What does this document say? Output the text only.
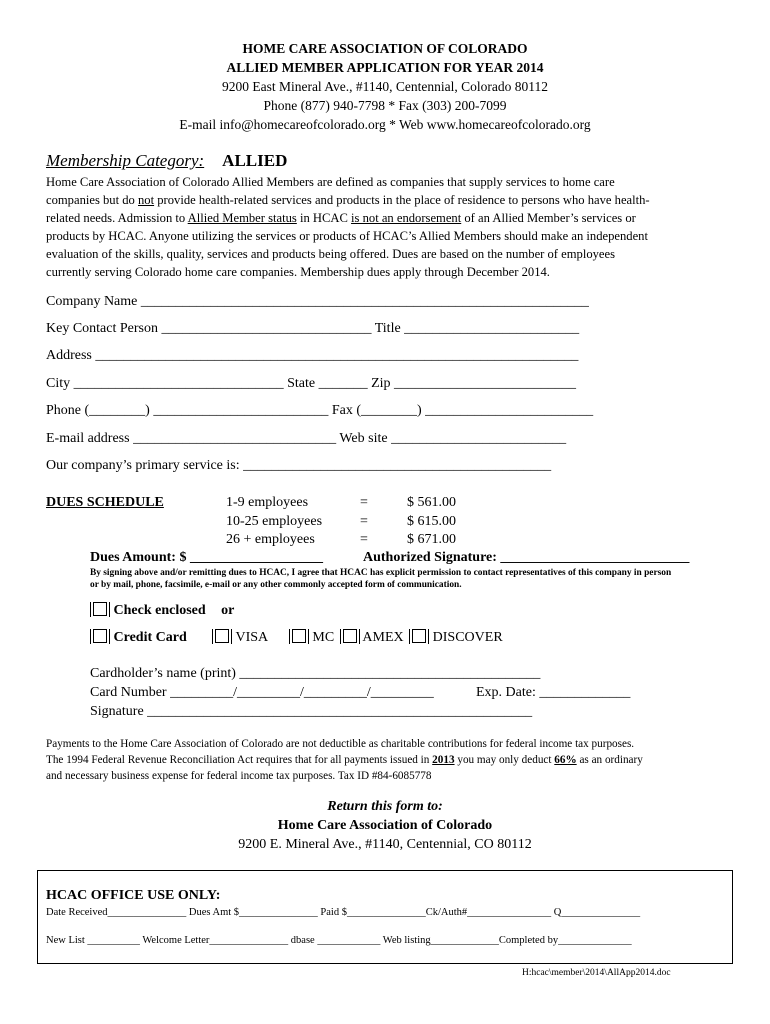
HOME CARE ASSOCIATION OF COLORADO
ALLIED MEMBER APPLICATION FOR YEAR 2014
9200 East Mineral Ave., #1140, Centennial, Colorado 80112
Phone (877) 940-7798 * Fax (303) 200-7099
E-mail info@homecareofcolorado.org * Web www.homecareofcolorado.org
Membership Category: ALLIED
Home Care Association of Colorado Allied Members are defined as companies that supply services to home care
companies but do not provide health-related services and products in the place of residence to persons who have health-
related needs. Admission to Allied Member status in HCAC is not an endorsement of an Allied Member’s services or
products by HCAC. Anyone utilizing the services or products of HCAC’s Allied Members should make an independent
evaluation of the skills, quality, services and products being offered. Dues are based on the number of employees
currently serving Colorado home care companies. Membership dues apply through December 2014.
Company Name ________________________________________________________________
Key Contact Person ______________________________ Title _________________________
Address _____________________________________________________________________
City ______________________________ State _______ Zip __________________________
Phone (________) _________________________ Fax (________) ________________________
E-mail address _____________________________ Web site _________________________
Our company’s primary service is: ____________________________________________
DUES SCHEDULE	1-9 employees	=	$ 561.00
10-25 employees	=	$ 615.00
26 + employees	=	$ 671.00
Dues Amount: $ ___________________	Authorized Signature: ___________________________
By signing above and/or remitting dues to HCAC, I agree that HCAC has explicit permission to contact representatives of this company in person
or by mail, phone, facsimile, e-mail or any other commonly accepted form of communication.
Check enclosed or
Credit Card	VISA	MC AMEX DISCOVER
Cardholder’s name (print) ___________________________________________
Card Number _________/_________/_________/_________	Exp. Date: _____________
Signature _______________________________________________________
Payments to the Home Care Association of Colorado are not deductible as charitable contributions for federal income tax purposes.
The 1994 Federal Revenue Reconciliation Act requires that for all payments issued in 2013 you may only deduct 66% as an ordinary
and necessary business expense for federal income tax purposes. Tax ID #84-6085778
Return this form to:
Home Care Association of Colorado
9200 E. Mineral Ave., #1140, Centennial, CO 80112
HCAC OFFICE USE ONLY:
Date Received_______________ Dues Amt $_______________ Paid $_______________Ck/Auth#________________ Q_______________
New List __________ Welcome Letter_______________ dbase ____________ Web listing_____________Completed by______________
H:hcac\member\2014\AllApp2014.doc
